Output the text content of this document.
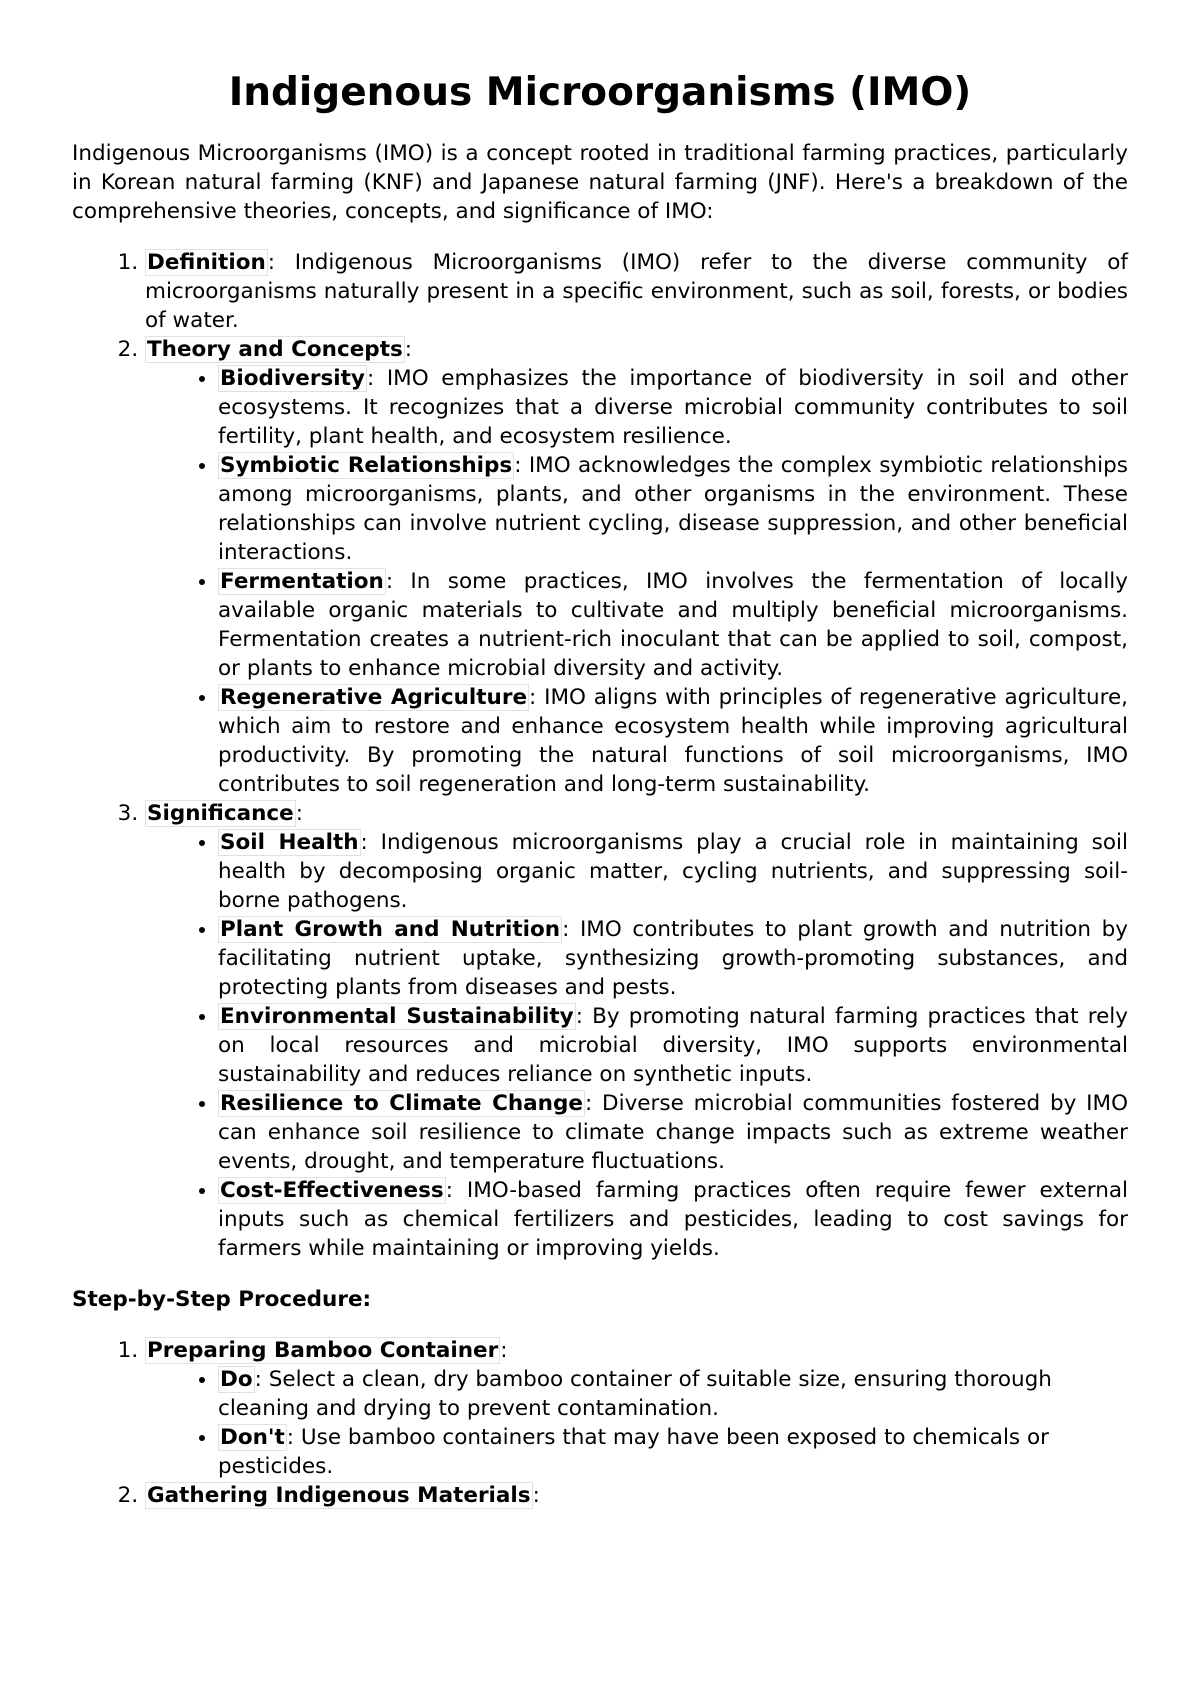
Indigenous Microorganisms (IMO)

Indigenous Microorganisms (IMO) is a concept rooted in traditional farming practices, particularly in Korean natural farming (KNF) and Japanese natural farming (JNF). Here's a breakdown of the comprehensive theories, concepts, and significance of IMO:

1. Definition: Indigenous Microorganisms (IMO) refer to the diverse community of microorganisms naturally present in a specific environment, such as soil, forests, or bodies of water.
2. Theory and Concepts:
• Biodiversity: IMO emphasizes the importance of biodiversity in soil and other ecosystems. It recognizes that a diverse microbial community contributes to soil fertility, plant health, and ecosystem resilience.
• Symbiotic Relationships: IMO acknowledges the complex symbiotic relationships among microorganisms, plants, and other organisms in the environment. These relationships can involve nutrient cycling, disease suppression, and other beneficial interactions.
• Fermentation: In some practices, IMO involves the fermentation of locally available organic materials to cultivate and multiply beneficial microorganisms. Fermentation creates a nutrient-rich inoculant that can be applied to soil, compost, or plants to enhance microbial diversity and activity.
• Regenerative Agriculture: IMO aligns with principles of regenerative agriculture, which aim to restore and enhance ecosystem health while improving agricultural productivity. By promoting the natural functions of soil microorganisms, IMO contributes to soil regeneration and long-term sustainability.
3. Significance:
• Soil Health: Indigenous microorganisms play a crucial role in maintaining soil health by decomposing organic matter, cycling nutrients, and suppressing soil-borne pathogens.
• Plant Growth and Nutrition: IMO contributes to plant growth and nutrition by facilitating nutrient uptake, synthesizing growth-promoting substances, and protecting plants from diseases and pests.
• Environmental Sustainability: By promoting natural farming practices that rely on local resources and microbial diversity, IMO supports environmental sustainability and reduces reliance on synthetic inputs.
• Resilience to Climate Change: Diverse microbial communities fostered by IMO can enhance soil resilience to climate change impacts such as extreme weather events, drought, and temperature fluctuations.
• Cost-Effectiveness: IMO-based farming practices often require fewer external inputs such as chemical fertilizers and pesticides, leading to cost savings for farmers while maintaining or improving yields.

Step-by-Step Procedure:

1. Preparing Bamboo Container:
• Do: Select a clean, dry bamboo container of suitable size, ensuring thorough cleaning and drying to prevent contamination.
• Don't: Use bamboo containers that may have been exposed to chemicals or pesticides.
2. Gathering Indigenous Materials:
